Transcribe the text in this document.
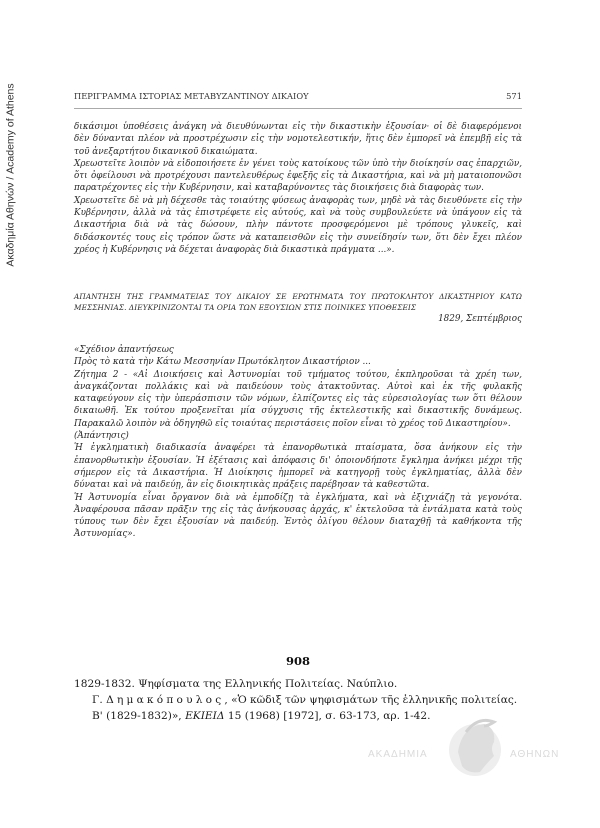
Ακαδημία Αθηνών / Academy of Athens	ΠΕΡΙΓΡΑΜΜΑ ΙΣΤΟΡΙΑΣ ΜΕΤΑΒΥΖΑΝΤΙΝΟΥ ΔΙΚΑΙΟΥ	571

δικάσιμοι ὑποθέσεις ἀνάγκη νὰ διευθύνωνται εἰς τὴν δικαστικὴν ἐξουσίαν· οἱ δὲ διαφερόμενοι δὲν δύνανται πλέον νὰ προστρέχωσιν εἰς τὴν νομοτελεστικήν, ἥτις δὲν ἐμπορεῖ νὰ ἐπεμβῇ εἰς τὰ τοῦ ἀνεξαρτήτου δικανικοῦ δικαιώματα.

Χρεωστεῖτε λοιπὸν νὰ εἰδοποιήσετε ἐν γένει τοὺς κατοίκους τῶν ὑπὸ τὴν διοίκησίν σας ἐπαρχιῶν, ὅτι ὀφείλουσι νὰ προτρέχουσι παντελευθέρως ἐφεξῆς εἰς τὰ Δικαστήρια, καὶ νὰ μὴ ματαιοπονῶσι παρατρέχοντες εἰς τὴν Κυβέρνησιν, καὶ καταβαρύνοντες τὰς διοικήσεις διὰ διαφορὰς των.

Χρεωστεῖτε δὲ νὰ μὴ δέχεσθε τὰς τοιαύτης φύσεως ἀναφορὰς των, μηδὲ νὰ τὰς διευθύνετε εἰς τὴν Κυβέρνησιν, ἀλλὰ νὰ τὰς ἐπιστρέφετε εἰς αὐτούς, καὶ νὰ τοὺς συμβουλεύετε νὰ ὑπάγουν εἰς τὰ Δικαστήρια διὰ νὰ τὰς δώσουν, πλὴν πάντοτε προσφερόμενοι μὲ τρόπους γλυκεῖς, καὶ διδάσκοντές τους εἰς τρόπον ὥστε νὰ καταπεισθῶν εἰς τὴν συνείδησίν των, ὅτι δὲν ἔχει πλέον χρέος ἡ Κυβέρνησις νὰ δέχεται ἀναφορὰς διὰ δικαστικὰ πράγματα ...».

ΑΠΑΝΤΗΣΗ ΤΗΣ ΓΡΑΜΜΑΤΕΙΑΣ ΤΟΥ ΔΙΚΑΙΟΥ ΣΕ ΕΡΩΤΗΜΑΤΑ ΤΟΥ ΠΡΩΤΟΚΛΗΤΟΥ ΔΙΚΑΣΤΗΡΙΟΥ ΚΑΤΩ ΜΕΣΣΗΝΙΑΣ. ΔΙΕΥΚΡΙΝΙΖΟΝΤΑΙ ΤΑ ΟΡΙΑ ΤΩΝ ΕΞΟΥΣΙΩΝ ΣΤΙΣ ΠΟΙΝΙΚΕΣ ΥΠΟΘΕΣΕΙΣ

1829, Σεπτέμβριος

«Σχέδιον ἀπαντήσεως

Πρὸς τὸ κατὰ τὴν Κάτω Μεσσηνίαν Πρωτόκλητον Δικαστήριον ...

Ζήτημα 2 - «Αἱ Διοικήσεις καὶ Ἀστυνομίαι τοῦ τμήματος τούτου, ἐκπληροῦσαι τὰ χρέη των, ἀναγκάζονται πολλάκις καὶ νὰ παιδεύουν τοὺς ἀτακτοῦντας. Αὐτοὶ καὶ ἐκ τῆς φυλακῆς καταφεύγουν εἰς τὴν ὑπεράσπισιν τῶν νόμων, ἐλπίζοντες εἰς τὰς εὐρεσιολογίας των ὅτι θέλουν δικαιωθῆ. Ἐκ τούτου προξενεῖται μία σύγχυσις τῆς ἐκτελεστικῆς καὶ δικαστικῆς δυνάμεως. Παρακαλῶ λοιπὸν νὰ ὁδηγηθῶ εἰς τοιαύτας περιστάσεις ποῖον εἶναι τὸ χρέος τοῦ Δικαστηρίου».

(Ἀπάντησις)

Ἡ ἐγκληματικὴ διαδικασία ἀναφέρει τὰ ἐπανορθωτικὰ πταίσματα, ὅσα ἀνήκουν εἰς τὴν ἐπανορθωτικὴν ἐξουσίαν. Ἡ ἐξέτασις καὶ ἀπόφασις δι' ὁποιονδήποτε ἔγκλημα ἀνήκει μέχρι τῆς σήμερον εἰς τὰ Δικαστήρια. Ἡ Διοίκησις ἡμπορεῖ νὰ κατηγορῇ τοὺς ἐγκληματίας, ἀλλὰ δὲν δύναται καὶ νὰ παιδεύῃ, ἂν εἰς διοικητικὰς πράξεις παρέβησαν τὰ καθεστῶτα.

Ἡ Ἀστυνομία εἶναι ὄργανον διὰ νὰ ἐμποδίζῃ τὰ ἐγκλήματα, καὶ νὰ ἐξιχνιάζῃ τὰ γεγονότα. Ἀναφέρουσα πᾶσαν πρᾶξιν της εἰς τὰς ἀνήκουσας ἀρχάς, κ' ἐκτελοῦσα τὰ ἐντάλματα κατὰ τοὺς τύπους των δὲν ἔχει ἐξουσίαν νὰ παιδεύῃ. Ἐντὸς ὀλίγου θέλουν διαταχθῇ τὰ καθήκοντα τῆς Ἀστυνομίας».

908

1829-1832. Ψηφίσματα της Ελληνικής Πολιτείας. Ναύπλιο.

Γ. Δημακόπουλος, «Ὁ κῶδιξ τῶν ψηφισμάτων τῆς ἑλληνικῆς πολιτείας. Β' (1829-1832)», ΕΚΙΕΙΔ 15 (1968) [1972], σ. 63-173, αρ. 1-42.

ΑΚΑΔΗΜΙΑ	ΑΘΗΝΩΝ
